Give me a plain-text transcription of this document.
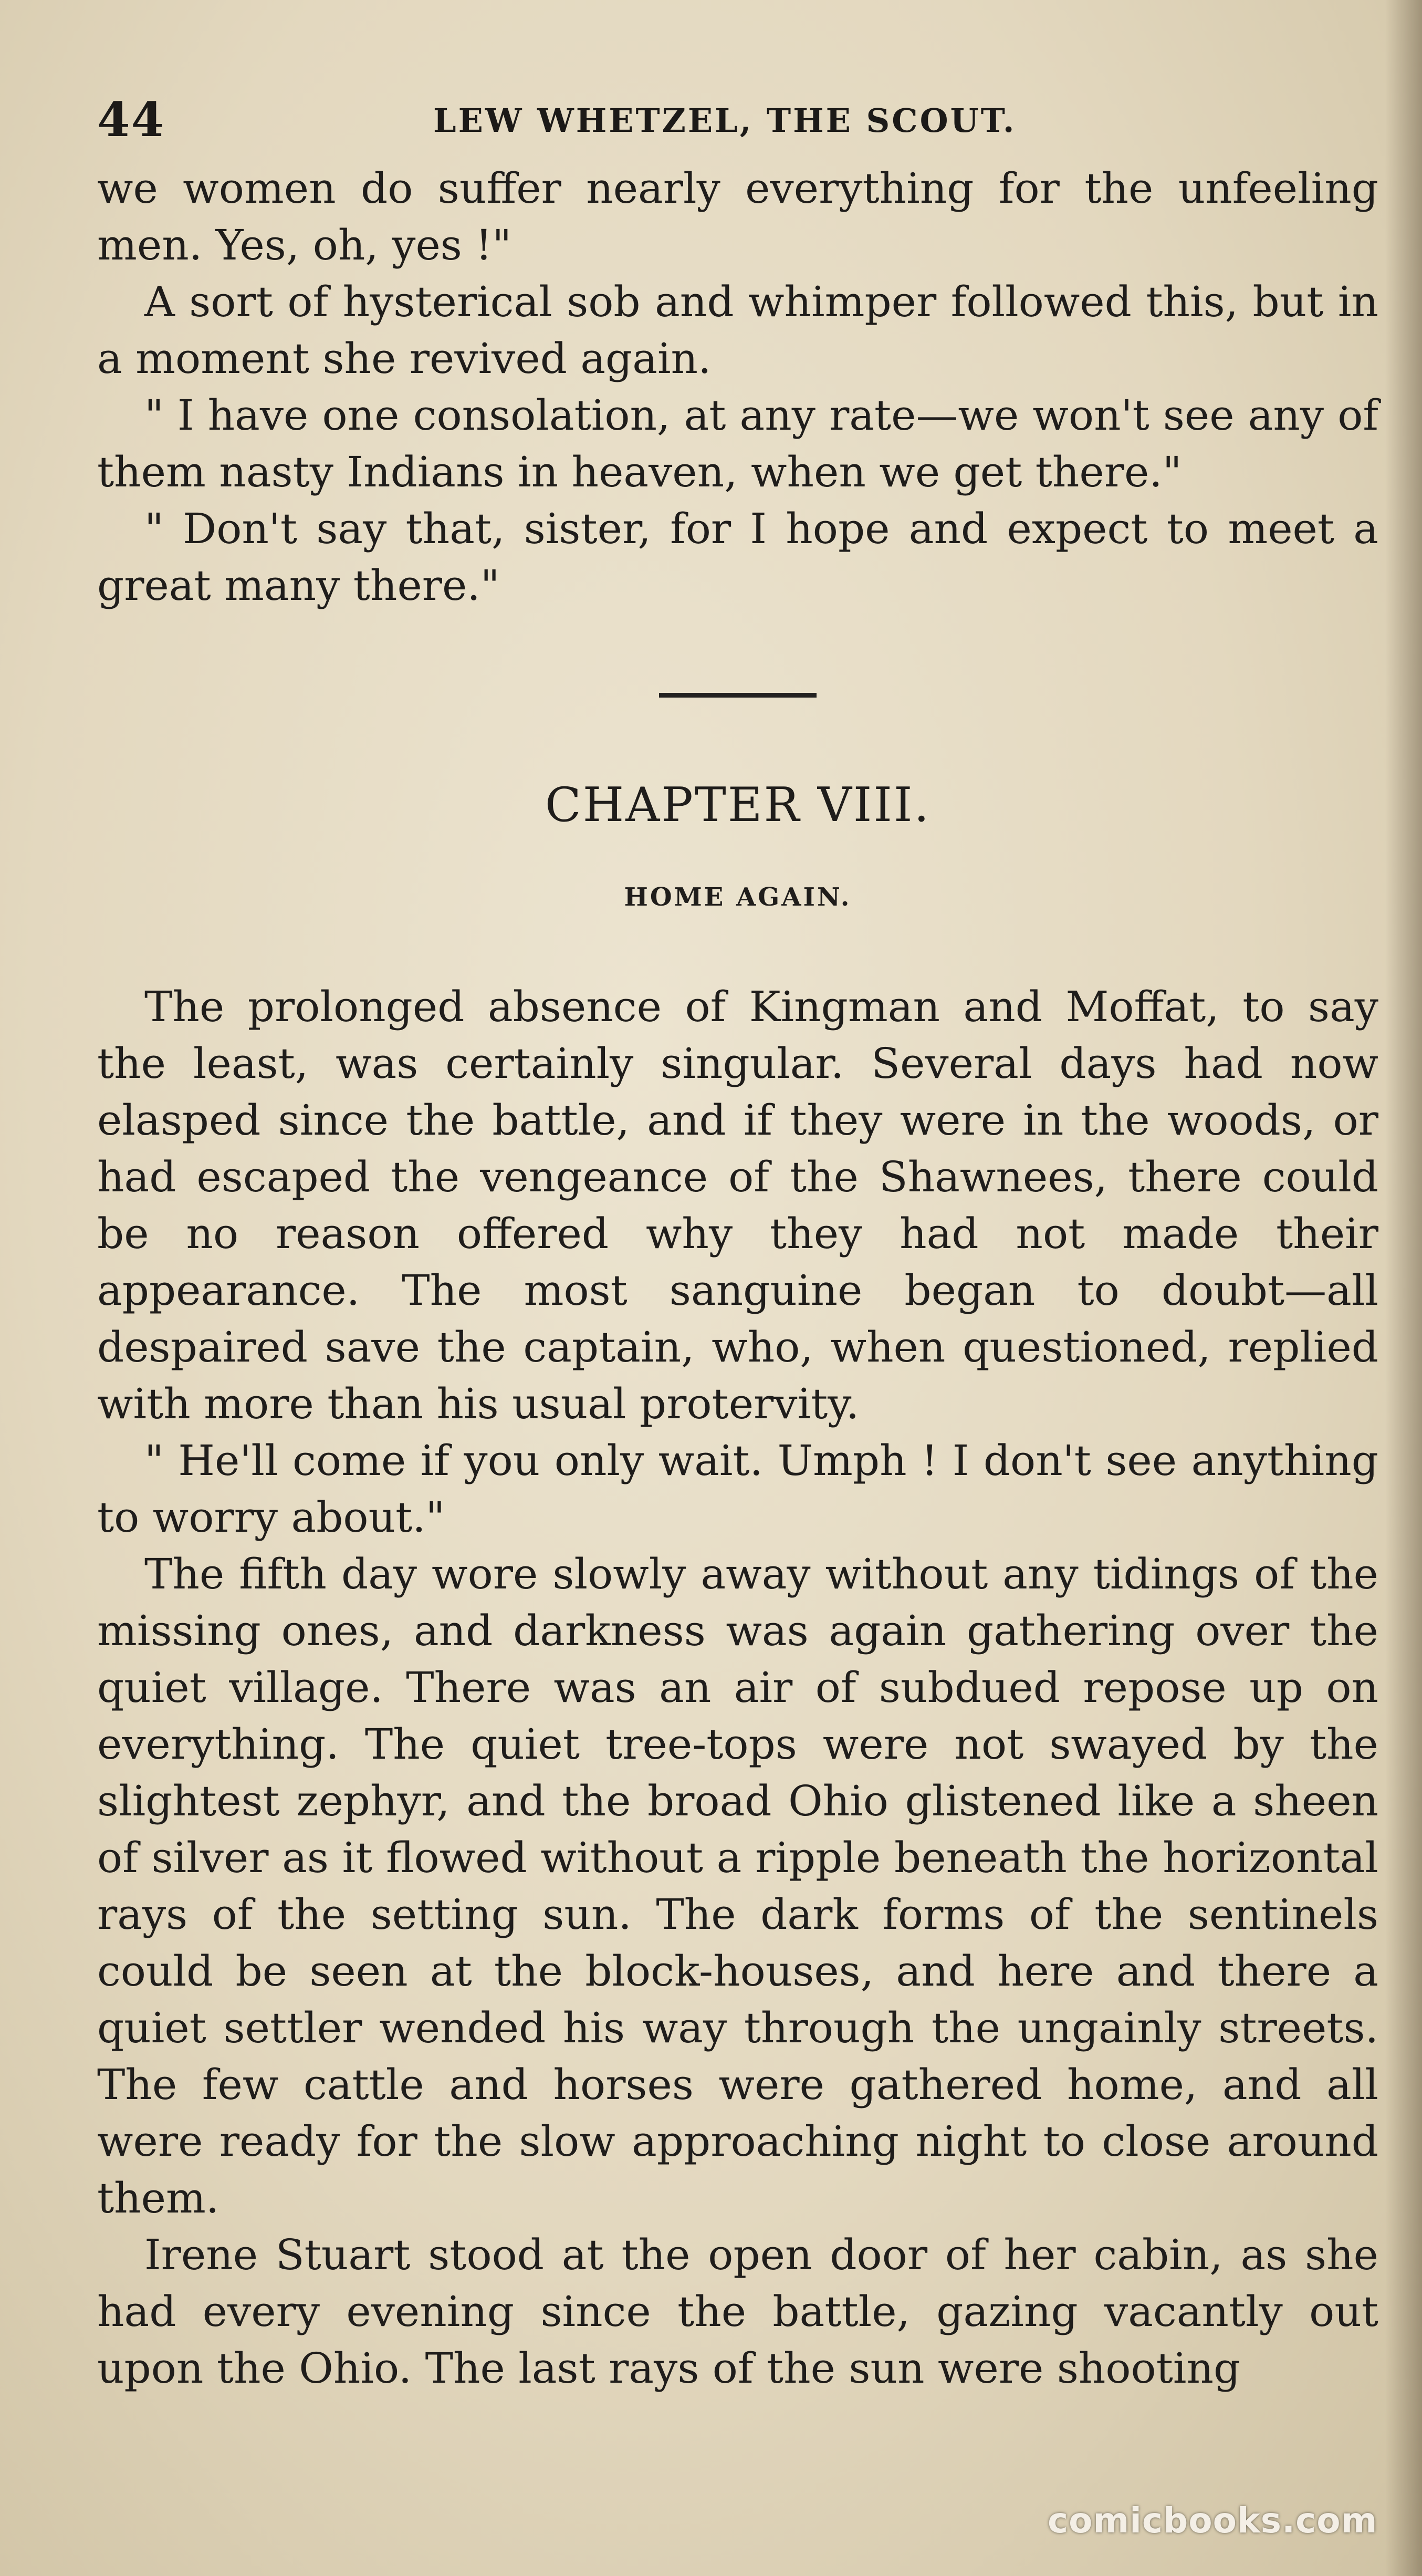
44	LEW WHETZEL, THE SCOUT.

we women do suffer nearly everything for the unfeeling men. Yes, oh, yes !"

A sort of hysterical sob and whimper followed this, but in a moment she revived again.

" I have one consolation, at any rate—we won't see any of them nasty Indians in heaven, when we get there."

" Don't say that, sister, for I hope and expect to meet a great many there."

CHAPTER VIII.
HOME AGAIN.

The prolonged absence of Kingman and Moffat, to say the least, was certainly singular. Several days had now elasped since the battle, and if they were in the woods, or had escaped the vengeance of the Shawnees, there could be no reason offered why they had not made their appearance. The most sanguine began to doubt—all despaired save the captain, who, when questioned, replied with more than his usual protervity.

" He'll come if you only wait. Umph ! I don't see anything to worry about."

The fifth day wore slowly away without any tidings of the missing ones, and darkness was again gathering over the quiet village. There was an air of subdued repose up on everything. The quiet tree-tops were not swayed by the slightest zephyr, and the broad Ohio glistened like a sheen of silver as it flowed without a ripple beneath the horizontal rays of the setting sun. The dark forms of the sentinels could be seen at the block-houses, and here and there a quiet settler wended his way through the ungainly streets. The few cattle and horses were gathered home, and all were ready for the slow approaching night to close around them.

Irene Stuart stood at the open door of her cabin, as she had every evening since the battle, gazing vacantly out upon the Ohio. The last rays of the sun were shooting

comicbooks.com
